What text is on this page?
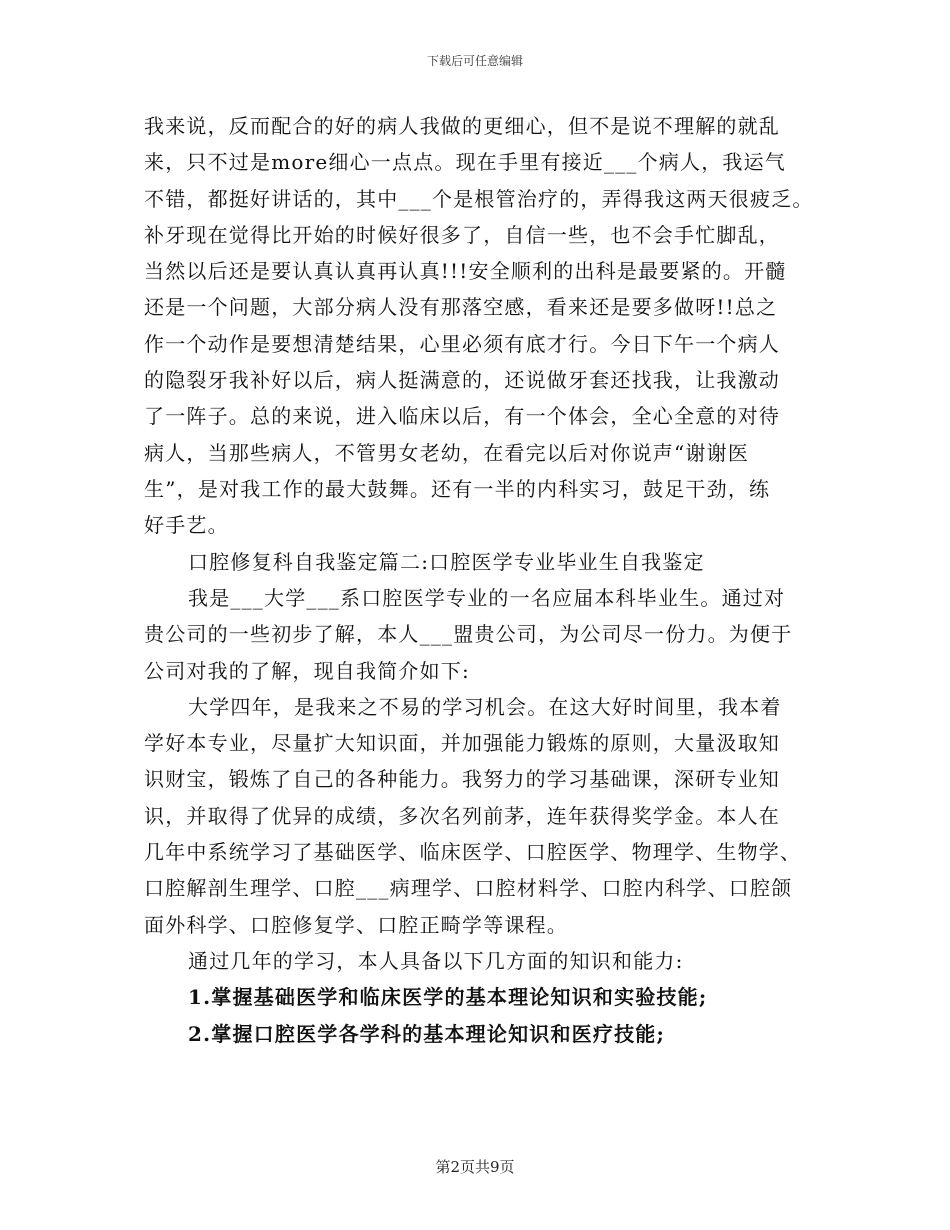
下载后可任意编辑
我来说，反而配合的好的病人我做的更细心，但不是说不理解的就乱
来，只不过是more细心一点点。现在手里有接近___个病人，我运气
不错，都挺好讲话的，其中___个是根管治疗的，弄得我这两天很疲乏。
补牙现在觉得比开始的时候好很多了，自信一些，也不会手忙脚乱，
当然以后还是要认真认真再认真!!!安全顺利的出科是最要紧的。开髓
还是一个问题，大部分病人没有那落空感，看来还是要多做呀!!总之
作一个动作是要想清楚结果，心里必须有底才行。今日下午一个病人
的隐裂牙我补好以后，病人挺满意的，还说做牙套还找我，让我激动
了一阵子。总的来说，进入临床以后，有一个体会，全心全意的对待
病人，当那些病人，不管男女老幼，在看完以后对你说声“谢谢医
生”，是对我工作的最大鼓舞。还有一半的内科实习，鼓足干劲，练
好手艺。
口腔修复科自我鉴定篇二:口腔医学专业毕业生自我鉴定
我是___大学___系口腔医学专业的一名应届本科毕业生。通过对
贵公司的一些初步了解，本人___盟贵公司，为公司尽一份力。为便于
公司对我的了解，现自我简介如下:
大学四年，是我来之不易的学习机会。在这大好时间里，我本着
学好本专业，尽量扩大知识面，并加强能力锻炼的原则，大量汲取知
识财宝，锻炼了自己的各种能力。我努力的学习基础课，深研专业知
识，并取得了优异的成绩，多次名列前茅，连年获得奖学金。本人在
几年中系统学习了基础医学、临床医学、口腔医学、物理学、生物学、
口腔解剖生理学、口腔___病理学、口腔材料学、口腔内科学、口腔颌
面外科学、口腔修复学、口腔正畸学等课程。
通过几年的学习，本人具备以下几方面的知识和能力:
1.掌握基础医学和临床医学的基本理论知识和实验技能;
2.掌握口腔医学各学科的基本理论知识和医疗技能;
第2页共9页
